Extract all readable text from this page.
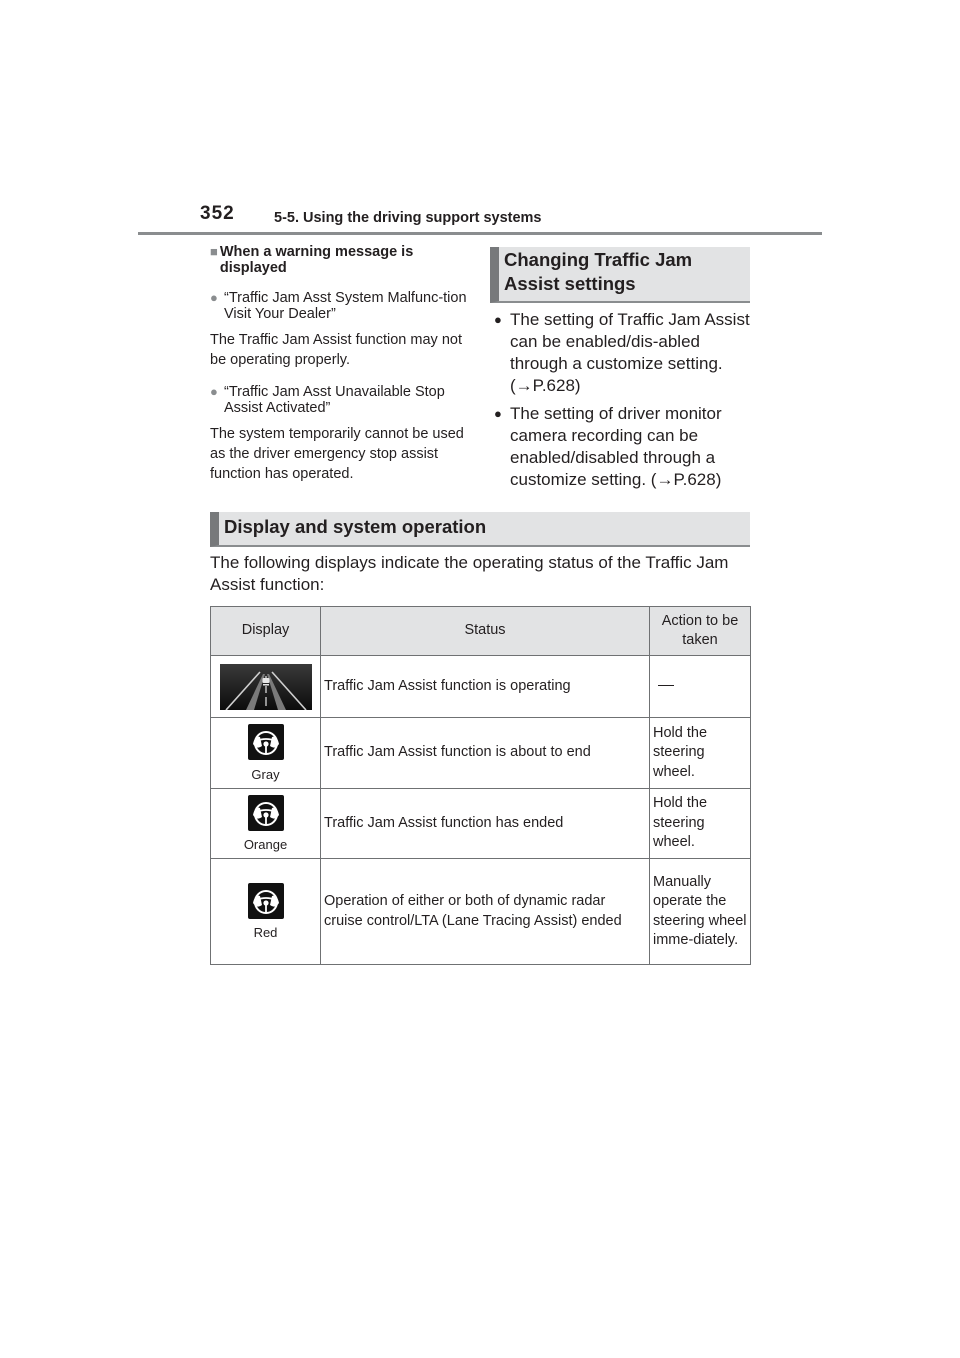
352	5-5. Using the driving support systems
■ When a warning message is displayed
● “Traffic Jam Asst System Malfunc-tion Visit Your Dealer”
The Traffic Jam Assist function may not be operating properly.
● “Traffic Jam Asst Unavailable Stop Assist Activated”
The system temporarily cannot be used as the driver emergency stop assist function has operated.
Changing Traffic Jam
Assist settings
● The setting of Traffic Jam Assist can be enabled/dis-abled through a customize setting. (→P.628)
● The setting of driver monitor camera recording can be enabled/disabled through a customize setting. (→P.628)
Display and system operation
The following displays indicate the operating status of the Traffic Jam Assist function:
Display	Status	Action to be taken

	Traffic Jam Assist function is operating	

Gray	Traffic Jam Assist function is about to end	Hold the steering wheel.

Orange	Traffic Jam Assist function has ended	Hold the steering wheel.

Red	Operation of either or both of dynamic radar cruise control/LTA (Lane Tracing Assist) ended	Manually operate the steering wheel imme-diately.
